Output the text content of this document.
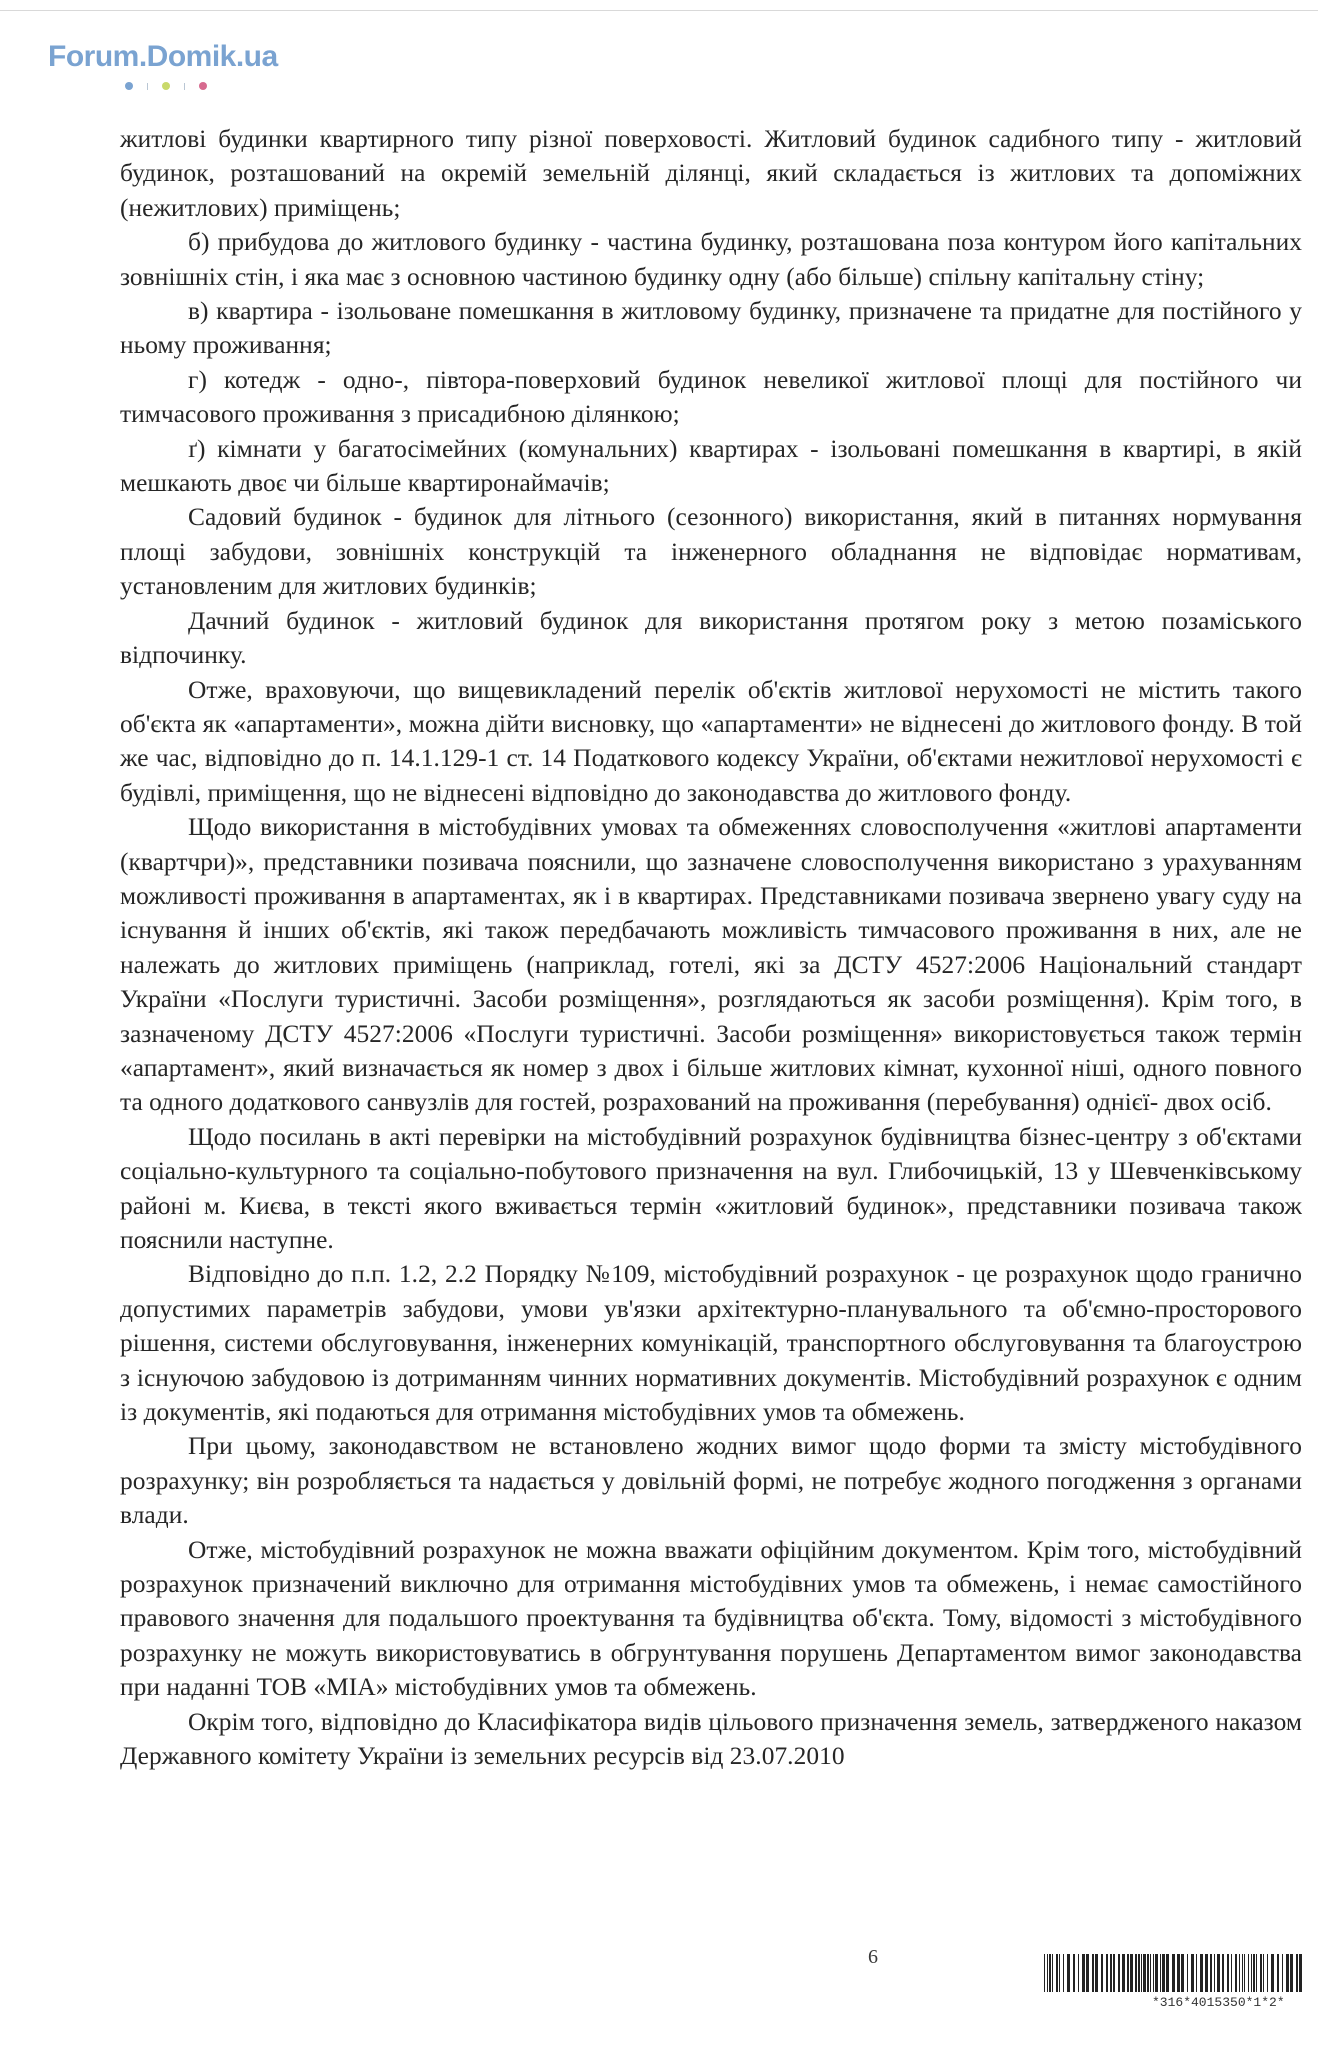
Forum.Domik.ua

житлові будинки квартирного типу різної поверховості. Житловий будинок садибного типу - житловий будинок, розташований на окремій земельній ділянці, який складається із житлових та допоміжних (нежитлових) приміщень;

б) прибудова до житлового будинку - частина будинку, розташована поза контуром його капітальних зовнішніх стін, і яка має з основною частиною будинку одну (або більше) спільну капітальну стіну;

в) квартира - ізольоване помешкання в житловому будинку, призначене та придатне для постійного у ньому проживання;

г) котедж - одно-, півтора-поверховий будинок невеликої житлової площі для постійного чи тимчасового проживання з присадибною ділянкою;

ґ) кімнати у багатосімейних (комунальних) квартирах - ізольовані помешкання в квартирі, в якій мешкають двоє чи більше квартиронаймачів;

Садовий будинок - будинок для літнього (сезонного) використання, який в питаннях нормування площі забудови, зовнішніх конструкцій та інженерного обладнання не відповідає нормативам, установленим для житлових будинків;

Дачний будинок - житловий будинок для використання протягом року з метою позаміського відпочинку.

Отже, враховуючи, що вищевикладений перелік об'єктів житлової нерухомості не містить такого об'єкта як «апартаменти», можна дійти висновку, що «апартаменти» не віднесені до житлового фонду. В той же час, відповідно до п. 14.1.129-1 ст. 14 Податкового кодексу України, об'єктами нежитлової нерухомості є будівлі, приміщення, що не віднесені відповідно до законодавства до житлового фонду.

Щодо використання в містобудівних умовах та обмеженнях словосполучення «житлові апартаменти (квартчри)», представники позивача пояснили, що зазначене словосполучення використано з урахуванням можливості проживання в апартаментах, як і в квартирах. Представниками позивача звернено увагу суду на існування й інших об'єктів, які також передбачають можливість тимчасового проживання в них, але не належать до житлових приміщень (наприклад, готелі, які за ДСТУ 4527:2006 Національний стандарт України «Послуги туристичні. Засоби розміщення», розглядаються як засоби розміщення). Крім того, в зазначеному ДСТУ 4527:2006 «Послуги туристичні. Засоби розміщення» використовується також термін «апартамент», який визначається як номер з двох і більше житлових кімнат, кухонної ніші, одного повного та одного додаткового санвузлів для гостей, розрахований на проживання (перебування) однієї- двох осіб.

Щодо посилань в акті перевірки на містобудівний розрахунок будівництва бізнес-центру з об'єктами соціально-культурного та соціально-побутового призначення на вул. Глибочицькій, 13 у Шевченківському районі м. Києва, в тексті якого вживається термін «житловий будинок», представники позивача також пояснили наступне.

Відповідно до п.п. 1.2, 2.2 Порядку №109, містобудівний розрахунок - це розрахунок щодо гранично допустимих параметрів забудови, умови ув'язки архітектурно-планувального та об'ємно-просторового рішення, системи обслуговування, інженерних комунікацій, транспортного обслуговування та благоустрою з існуючою забудовою із дотриманням чинних нормативних документів. Містобудівний розрахунок є одним із документів, які подаються для отримання містобудівних умов та обмежень.

При цьому, законодавством не встановлено жодних вимог щодо форми та змісту містобудівного розрахунку; він розробляється та надається у довільній формі, не потребує жодного погодження з органами влади.

Отже, містобудівний розрахунок не можна вважати офіційним документом. Крім того, містобудівний розрахунок призначений виключно для отримання містобудівних умов та обмежень, і немає самостійного правового значення для подальшого проектування та будівництва об'єкта. Тому, відомості з містобудівного розрахунку не можуть використовуватись в обгрунтування порушень Департаментом вимог законодавства при наданні ТОВ «МІА» містобудівних умов та обмежень.

Окрім того, відповідно до Класифікатора видів цільового призначення земель, затвердженого наказом Державного комітету України із земельних ресурсів від 23.07.2010

6
*316*4015350*1*2*
